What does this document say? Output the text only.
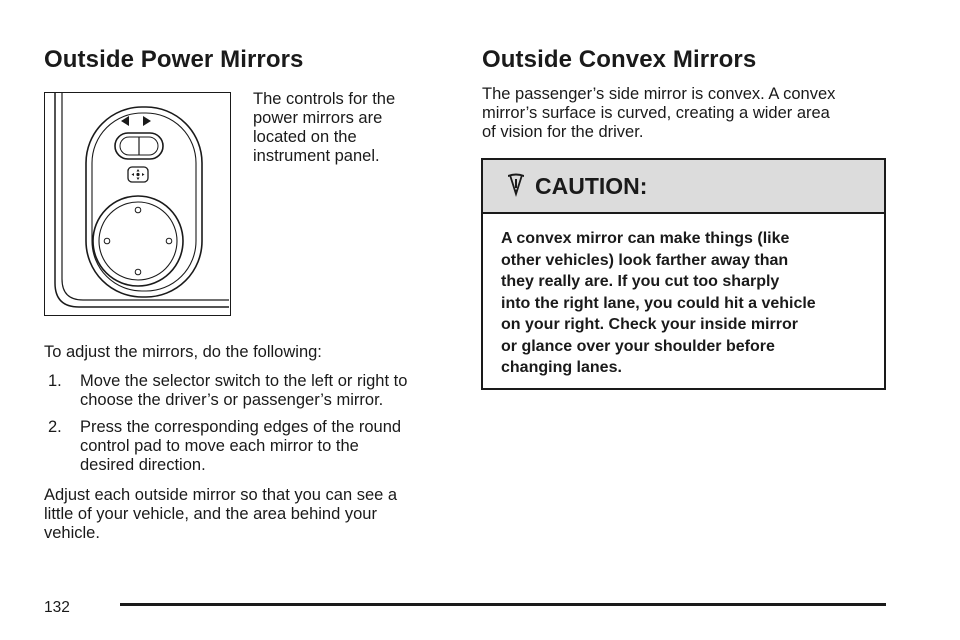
Outside Power Mirrors
The controls for the
power mirrors are
located on the
instrument panel.
To adjust the mirrors, do the following:
1. Move the selector switch to the left or right to
choose the driver’s or passenger’s mirror.
2. Press the corresponding edges of the round
control pad to move each mirror to the
desired direction.
Adjust each outside mirror so that you can see a
little of your vehicle, and the area behind your
vehicle.
Outside Convex Mirrors
The passenger’s side mirror is convex. A convex
mirror’s surface is curved, creating a wider area
of vision for the driver.
CAUTION:
A convex mirror can make things (like
other vehicles) look farther away than
they really are. If you cut too sharply
into the right lane, you could hit a vehicle
on your right. Check your inside mirror
or glance over your shoulder before
changing lanes.
132
